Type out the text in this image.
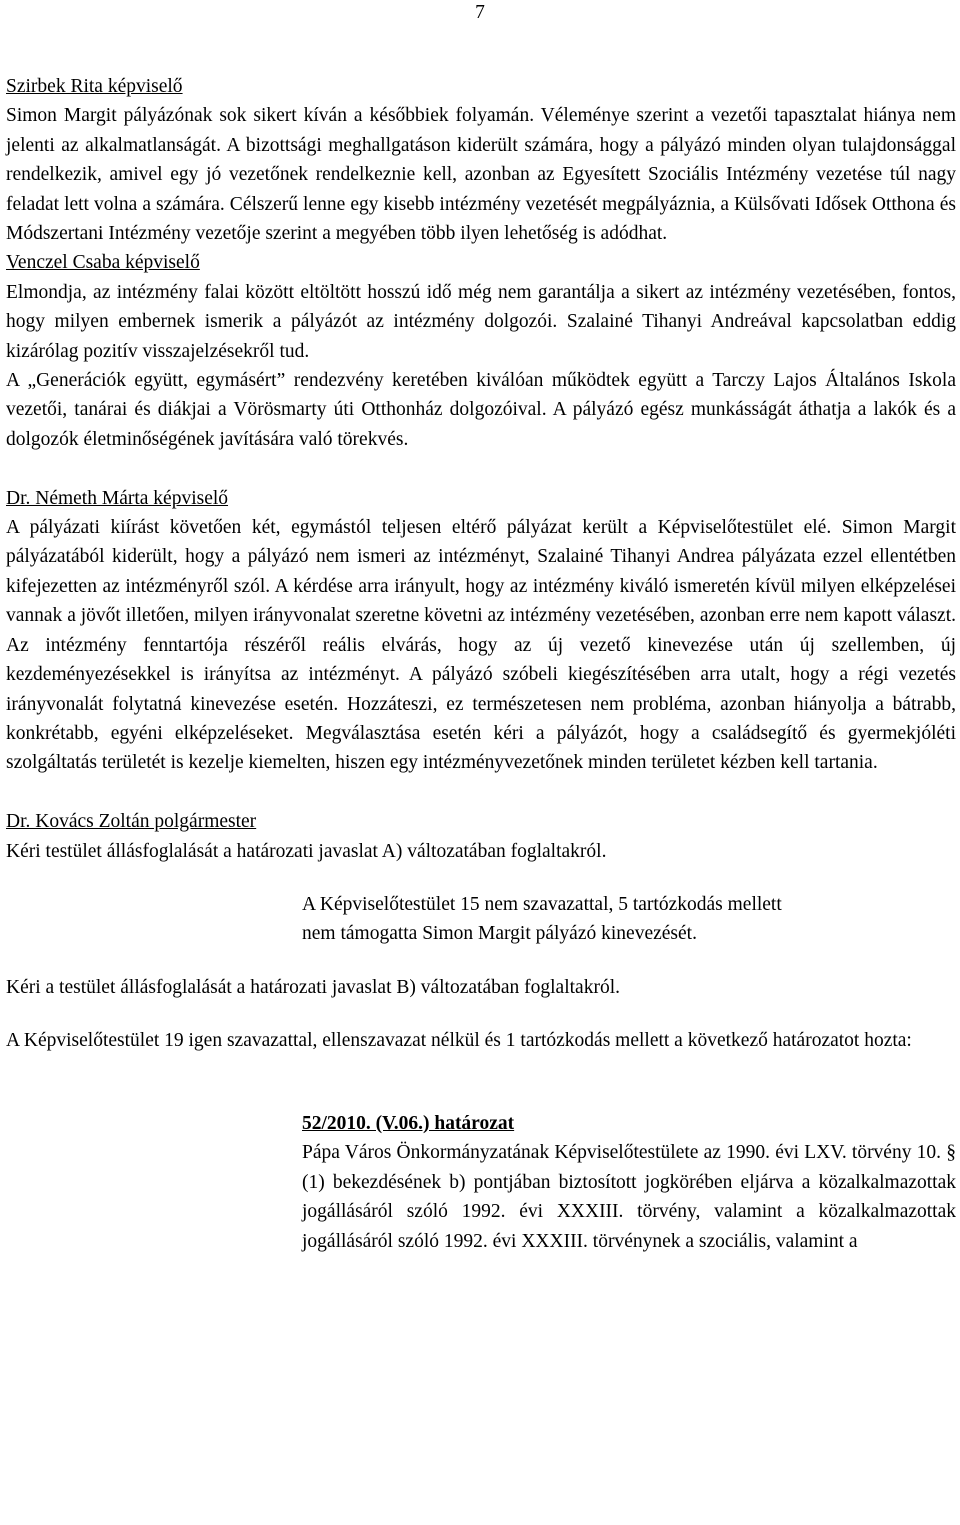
7

Szirbek Rita képviselő

Simon Margit pályázónak sok sikert kíván a későbbiek folyamán. Véleménye szerint a vezetői tapasztalat hiánya nem jelenti az alkalmatlanságát. A bizottsági meghallgatáson kiderült számára, hogy a pályázó minden olyan tulajdonsággal rendelkezik, amivel egy jó vezetőnek rendelkeznie kell, azonban az Egyesített Szociális Intézmény vezetése túl nagy feladat lett volna a számára. Célszerű lenne egy kisebb intézmény vezetését megpályáznia, a Külsővati Idősek Otthona és Módszertani Intézmény vezetője szerint a megyében több ilyen lehetőség is adódhat.

Venczel Csaba képviselő

Elmondja, az intézmény falai között eltöltött hosszú idő még nem garantálja a sikert az intézmény vezetésében, fontos, hogy milyen embernek ismerik a pályázót az intézmény dolgozói. Szalainé Tihanyi Andreával kapcsolatban eddig kizárólag pozitív visszajelzésekről tud.

A „Generációk együtt, egymásért” rendezvény keretében kiválóan működtek együtt a Tarczy Lajos Általános Iskola vezetői, tanárai és diákjai a Vörösmarty úti Otthonház dolgozóival. A pályázó egész munkásságát áthatja a lakók és a dolgozók életminőségének javítására való törekvés.

Dr. Németh Márta képviselő

A pályázati kiírást követően két, egymástól teljesen eltérő pályázat került a Képviselőtestület elé. Simon Margit pályázatából kiderült, hogy a pályázó nem ismeri az intézményt, Szalainé Tihanyi Andrea pályázata ezzel ellentétben kifejezetten az intézményről szól. A kérdése arra irányult, hogy az intézmény kiváló ismeretén kívül milyen elképzelései vannak a jövőt illetően, milyen irányvonalat szeretne követni az intézmény vezetésében, azonban erre nem kapott választ. Az intézmény fenntartója részéről reális elvárás, hogy az új vezető kinevezése után új szellemben, új kezdeményezésekkel is irányítsa az intézményt. A pályázó szóbeli kiegészítésében arra utalt, hogy a régi vezetés irányvonalát folytatná kinevezése esetén. Hozzáteszi, ez természetesen nem probléma, azonban hiányolja a bátrabb, konkrétabb, egyéni elképzeléseket. Megválasztása esetén kéri a pályázót, hogy a családsegítő és gyermekjóléti szolgáltatás területét is kezelje kiemelten, hiszen egy intézményvezetőnek minden területet kézben kell tartania.

Dr. Kovács Zoltán polgármester

Kéri testület állásfoglalását a határozati javaslat A) változatában foglaltakról.

A Képviselőtestület 15 nem szavazattal, 5 tartózkodás mellett

nem támogatta Simon Margit pályázó kinevezését.

Kéri a testület állásfoglalását a határozati javaslat B) változatában foglaltakról.

A Képviselőtestület 19 igen szavazattal, ellenszavazat nélkül és 1 tartózkodás mellett a következő határozatot hozta:

52/2010. (V.06.) határozat

Pápa Város Önkormányzatának Képviselőtestülete az 1990. évi LXV. törvény 10. § (1) bekezdésének b) pontjában biztosított jogkörében eljárva a közalkalmazottak jogállásáról szóló 1992. évi XXXIII. törvény, valamint a közalkalmazottak jogállásáról szóló 1992. évi XXXIII. törvénynek a szociális, valamint a
